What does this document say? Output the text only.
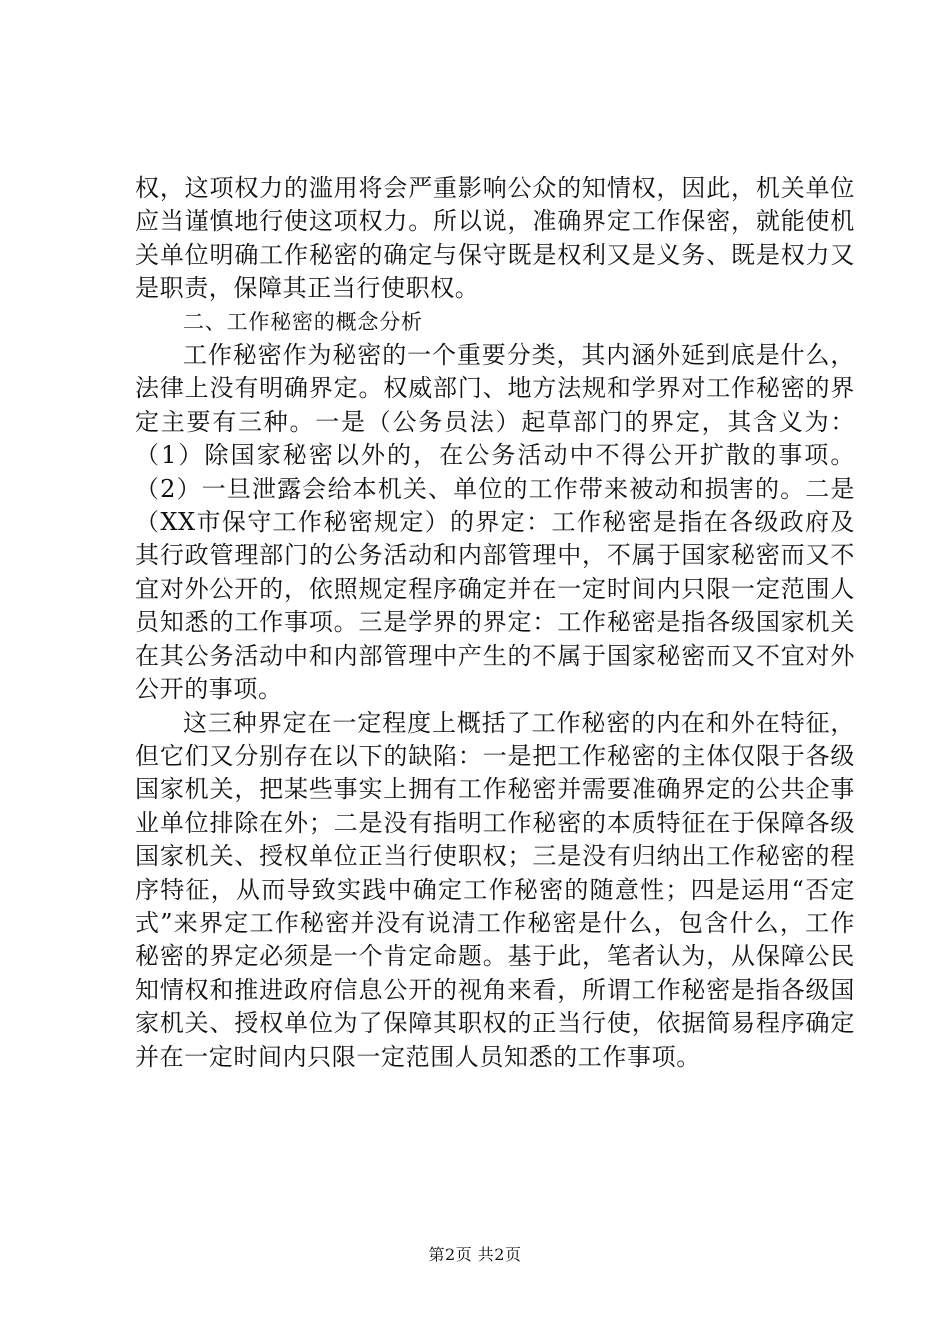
权，这项权力的滥用将会严重影响公众的知情权，因此，机关单位应当谨慎地行使这项权力。所以说，准确界定工作保密，就能使机关单位明确工作秘密的确定与保守既是权利又是义务、既是权力又是职责，保障其正当行使职权。

二、工作秘密的概念分析

工作秘密作为秘密的一个重要分类，其内涵外延到底是什么，法律上没有明确界定。权威部门、地方法规和学界对工作秘密的界定主要有三种。一是（公务员法）起草部门的界定，其含义为：（1）除国家秘密以外的，在公务活动中不得公开扩散的事项。（2）一旦泄露会给本机关、单位的工作带来被动和损害的。二是（XX市保守工作秘密规定）的界定：工作秘密是指在各级政府及其行政管理部门的公务活动和内部管理中，不属于国家秘密而又不宜对外公开的，依照规定程序确定并在一定时间内只限一定范围人员知悉的工作事项。三是学界的界定：工作秘密是指各级国家机关在其公务活动中和内部管理中产生的不属于国家秘密而又不宜对外公开的事项。

这三种界定在一定程度上概括了工作秘密的内在和外在特征，但它们又分别存在以下的缺陷：一是把工作秘密的主体仅限于各级国家机关，把某些事实上拥有工作秘密并需要准确界定的公共企事业单位排除在外；二是没有指明工作秘密的本质特征在于保障各级国家机关、授权单位正当行使职权；三是没有归纳出工作秘密的程序特征，从而导致实践中确定工作秘密的随意性；四是运用“否定式”来界定工作秘密并没有说清工作秘密是什么，包含什么，工作秘密的界定必须是一个肯定命题。基于此，笔者认为，从保障公民知情权和推进政府信息公开的视角来看，所谓工作秘密是指各级国家机关、授权单位为了保障其职权的正当行使，依据简易程序确定并在一定时间内只限一定范围人员知悉的工作事项。

第2页 共2页
